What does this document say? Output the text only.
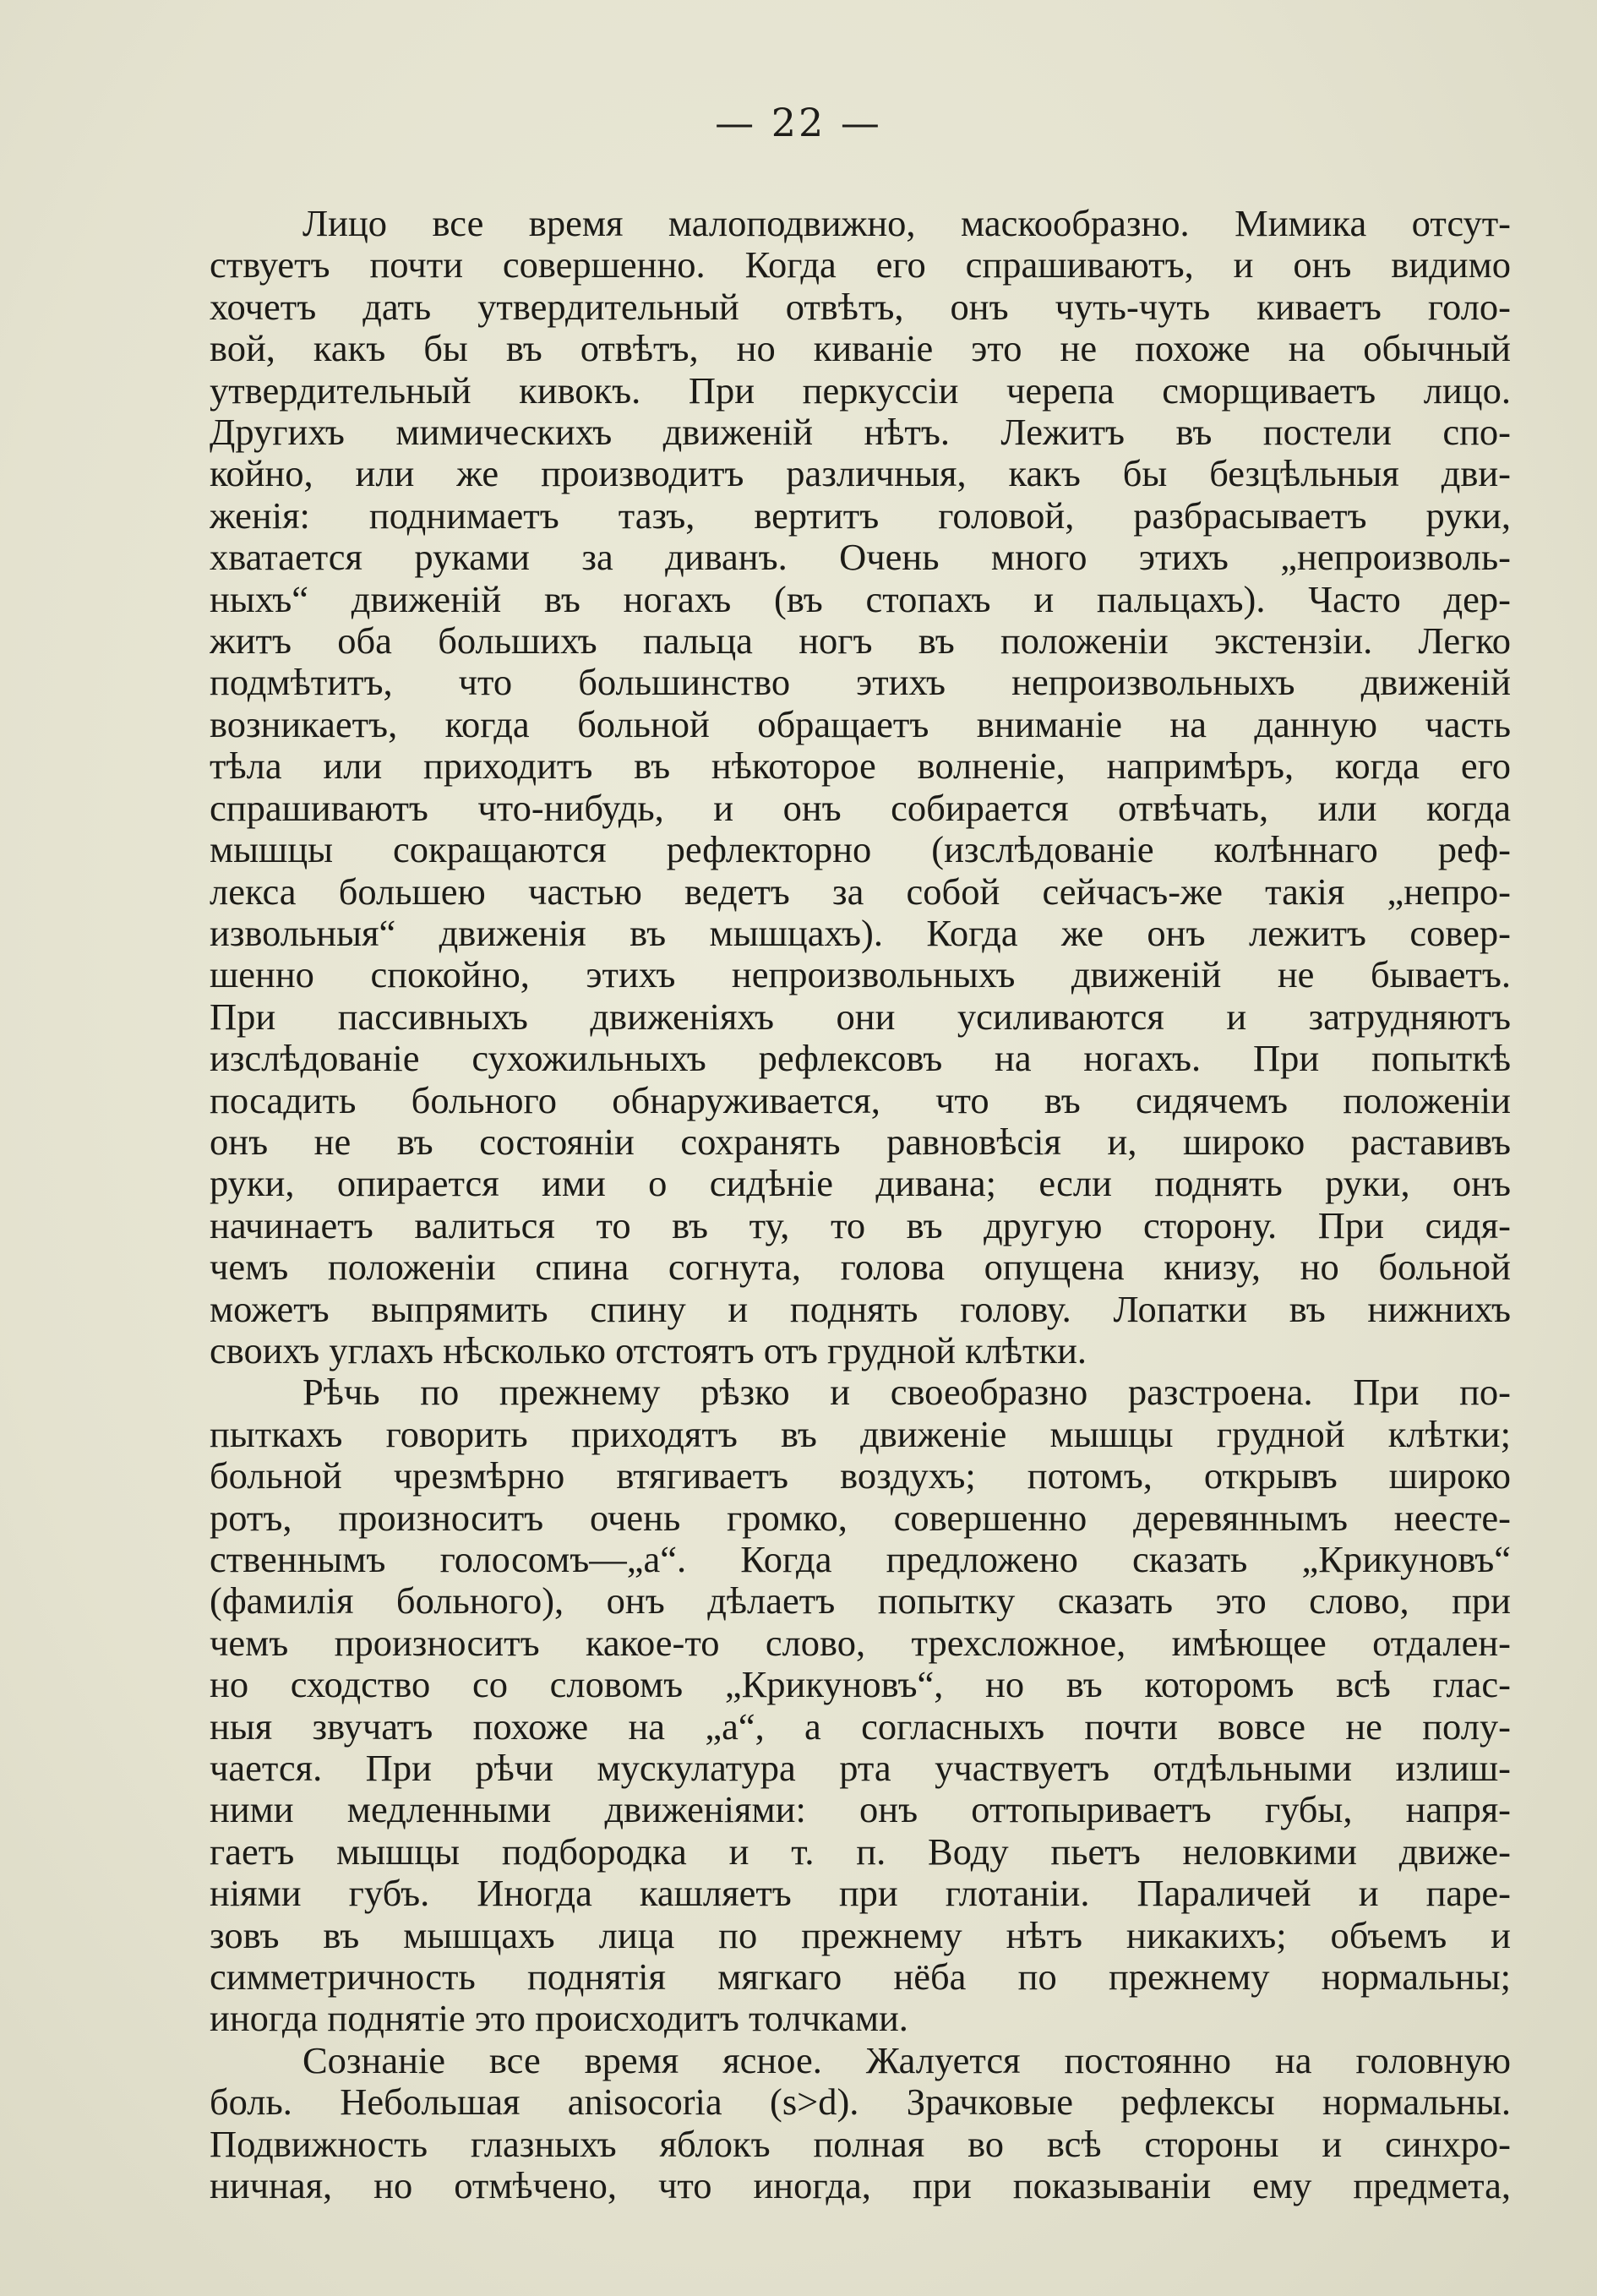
— 22 —
Лицо все время малоподвижно, маскообразно. Мимика отсут-
ствуетъ почти совершенно. Когда его спрашиваютъ, и онъ видимо
хочетъ дать утвердительный отвѣтъ, онъ чуть-чуть киваетъ голо-
вой, какъ бы въ отвѣтъ, но киванiе это не похоже на обычный
утвердительный кивокъ. При перкуссiи черепа сморщиваетъ лицо.
Другихъ мимическихъ движенiй нѣтъ. Лежитъ въ постели спо-
койно, или же производитъ различныя, какъ бы безцѣльныя дви-
женiя: поднимаетъ тазъ, вертитъ головой, разбрасываетъ руки,
хватается руками за диванъ. Очень много этихъ „непроизволь-
ныхъ“ движенiй въ ногахъ (въ стопахъ и пальцахъ). Часто дер-
житъ оба большихъ пальца ногъ въ положенiи экстензiи. Легко
подмѣтитъ, что большинство этихъ непроизвольныхъ движенiй
возникаетъ, когда больной обращаетъ вниманiе на данную часть
тѣла или приходитъ въ нѣкоторое волненiе, напримѣръ, когда его
спрашиваютъ что-нибудь, и онъ собирается отвѣчать, или когда
мышцы сокращаются рефлекторно (изслѣдованiе колѣннаго реф-
лекса большею частью ведетъ за собой сейчасъ-же такiя „непро-
извольныя“ движенiя въ мышцахъ). Когда же онъ лежитъ совер-
шенно спокойно, этихъ непроизвольныхъ движенiй не бываетъ.
При пассивныхъ движенiяхъ они усиливаются и затрудняютъ
изслѣдованiе сухожильныхъ рефлексовъ на ногахъ. При попыткѣ
посадить больного обнаруживается, что въ сидячемъ положенiи
онъ не въ состоянiи сохранять равновѣсiя и, широко раставивъ
руки, опирается ими о сидѣнiе дивана; если поднять руки, онъ
начинаетъ валиться то въ ту, то въ другую сторону. При сидя-
чемъ положенiи спина согнута, голова опущена книзу, но больной
можетъ выпрямить спину и поднять голову. Лопатки въ нижнихъ
своихъ углахъ нѣсколько отстоятъ отъ грудной клѣтки.
Рѣчь по прежнему рѣзко и своеобразно разстроена. При по-
пыткахъ говорить приходятъ въ движенiе мышцы грудной клѣтки;
больной чрезмѣрно втягиваетъ воздухъ; потомъ, открывъ широко
ротъ, произноситъ очень громко, совершенно деревяннымъ неесте-
ственнымъ голосомъ—„а“. Когда предложено сказать „Крикуновъ“
(фамилiя больного), онъ дѣлаетъ попытку сказать это слово, при
чемъ произноситъ какое-то слово, трехсложное, имѣющее отдален-
но сходство со словомъ „Крикуновъ“, но въ которомъ всѣ глас-
ныя звучатъ похоже на „а“, а согласныхъ почти вовсе не полу-
чается. При рѣчи мускулатура рта участвуетъ отдѣльными излиш-
ними медленными движенiями: онъ оттопыриваетъ губы, напря-
гаетъ мышцы подбородка и т. п. Воду пьетъ неловкими движе-
нiями губъ. Иногда кашляетъ при глотанiи. Параличей и паре-
зовъ въ мышцахъ лица по прежнему нѣтъ никакихъ; объемъ и
симметричность поднятiя мягкаго нёба по прежнему нормальны;
иногда поднятiе это происходитъ толчками.
Сознанiе все время ясное. Жалуется постоянно на головную
боль. Небольшая anisocoria (s>d). Зрачковые рефлексы нормальны.
Подвижность глазныхъ яблокъ полная во всѣ стороны и синхро-
ничная, но отмѣчено, что иногда, при показыванiи ему предмета,
